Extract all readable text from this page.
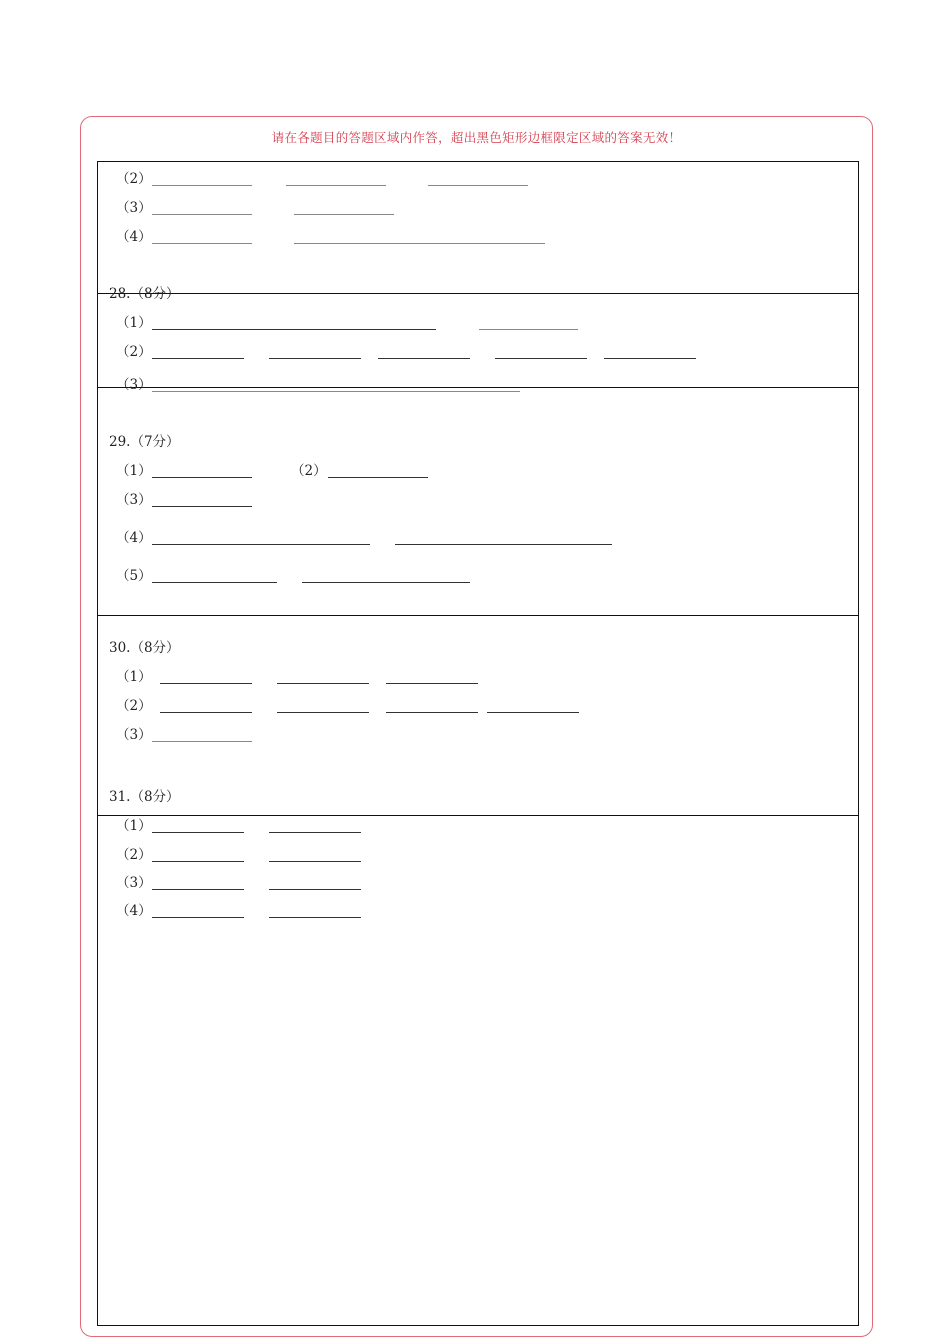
请在各题目的答题区域内作答，超出黑色矩形边框限定区域的答案无效！
（2）
（3）
（4）
28.（8分）
（1）
（2）
（3）
29.（7分）
（1）	（2）
（3）
（4）
（5）
30.（8分）
（1）
（2）
（3）
31.（8分）
（1）
（2）
（3）
（4）
